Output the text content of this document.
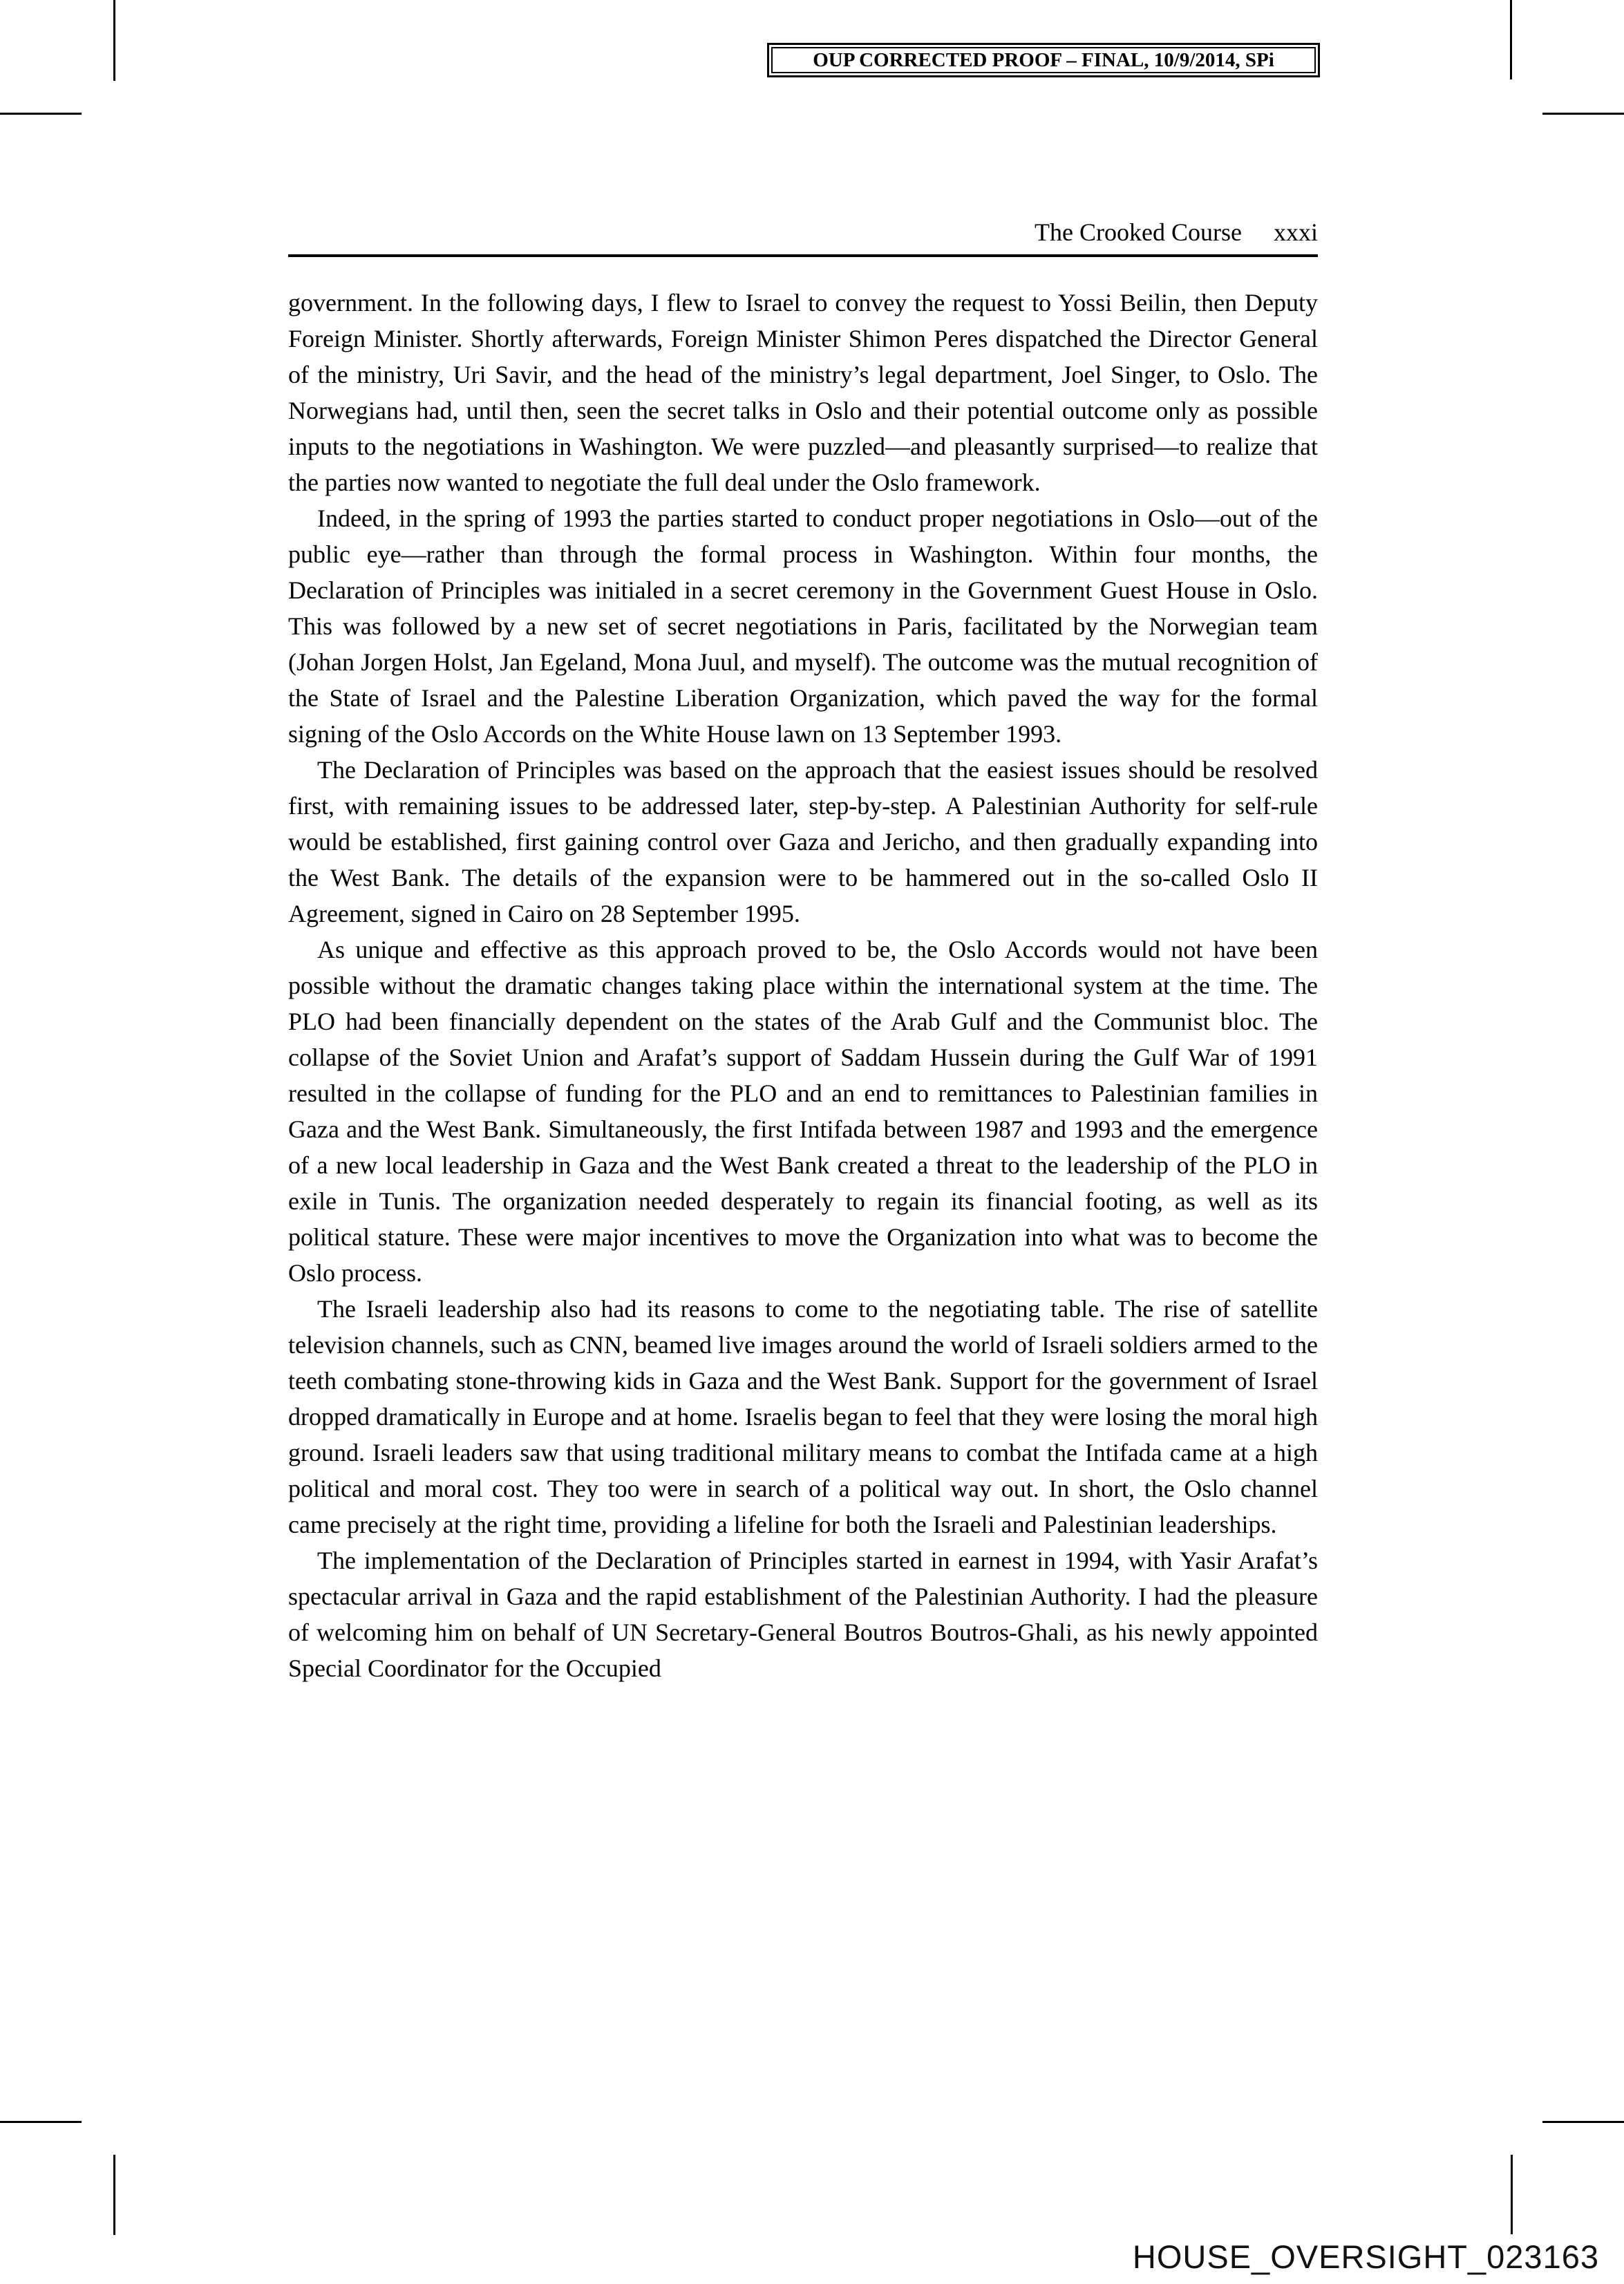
OUP CORRECTED PROOF – FINAL, 10/9/2014, SPi
The Crooked Course xxxi

government. In the following days, I flew to Israel to convey the request to Yossi Beilin, then Deputy Foreign Minister. Shortly afterwards, Foreign Minister Shimon Peres dispatched the Director General of the ministry, Uri Savir, and the head of the ministry’s legal department, Joel Singer, to Oslo. The Norwegians had, until then, seen the secret talks in Oslo and their potential outcome only as possible inputs to the negotiations in Washington. We were puzzled—and pleasantly surprised—to realize that the parties now wanted to negotiate the full deal under the Oslo framework.

Indeed, in the spring of 1993 the parties started to conduct proper negotiations in Oslo—out of the public eye—rather than through the formal process in Washington. Within four months, the Declaration of Principles was initialed in a secret ceremony in the Government Guest House in Oslo. This was followed by a new set of secret negotiations in Paris, facilitated by the Norwegian team (Johan Jorgen Holst, Jan Egeland, Mona Juul, and myself). The outcome was the mutual recognition of the State of Israel and the Palestine Liberation Organization, which paved the way for the formal signing of the Oslo Accords on the White House lawn on 13 September 1993.

The Declaration of Principles was based on the approach that the easiest issues should be resolved first, with remaining issues to be addressed later, step-by-step. A Palestinian Authority for self-rule would be established, first gaining control over Gaza and Jericho, and then gradually expanding into the West Bank. The details of the expansion were to be hammered out in the so-called Oslo II Agreement, signed in Cairo on 28 September 1995.

As unique and effective as this approach proved to be, the Oslo Accords would not have been possible without the dramatic changes taking place within the international system at the time. The PLO had been financially dependent on the states of the Arab Gulf and the Communist bloc. The collapse of the Soviet Union and Arafat’s support of Saddam Hussein during the Gulf War of 1991 resulted in the collapse of funding for the PLO and an end to remittances to Palestinian families in Gaza and the West Bank. Simultaneously, the first Intifada between 1987 and 1993 and the emergence of a new local leadership in Gaza and the West Bank created a threat to the leadership of the PLO in exile in Tunis. The organization needed desperately to regain its financial footing, as well as its political stature. These were major incentives to move the Organization into what was to become the Oslo process.

The Israeli leadership also had its reasons to come to the negotiating table. The rise of satellite television channels, such as CNN, beamed live images around the world of Israeli soldiers armed to the teeth combating stone-throwing kids in Gaza and the West Bank. Support for the government of Israel dropped dramatically in Europe and at home. Israelis began to feel that they were losing the moral high ground. Israeli leaders saw that using traditional military means to combat the Intifada came at a high political and moral cost. They too were in search of a political way out. In short, the Oslo channel came precisely at the right time, providing a lifeline for both the Israeli and Palestinian leaderships.

The implementation of the Declaration of Principles started in earnest in 1994, with Yasir Arafat’s spectacular arrival in Gaza and the rapid establishment of the Palestinian Authority. I had the pleasure of welcoming him on behalf of UN Secretary-General Boutros Boutros-Ghali, as his newly appointed Special Coordinator for the Occupied

HOUSE_OVERSIGHT_023163
